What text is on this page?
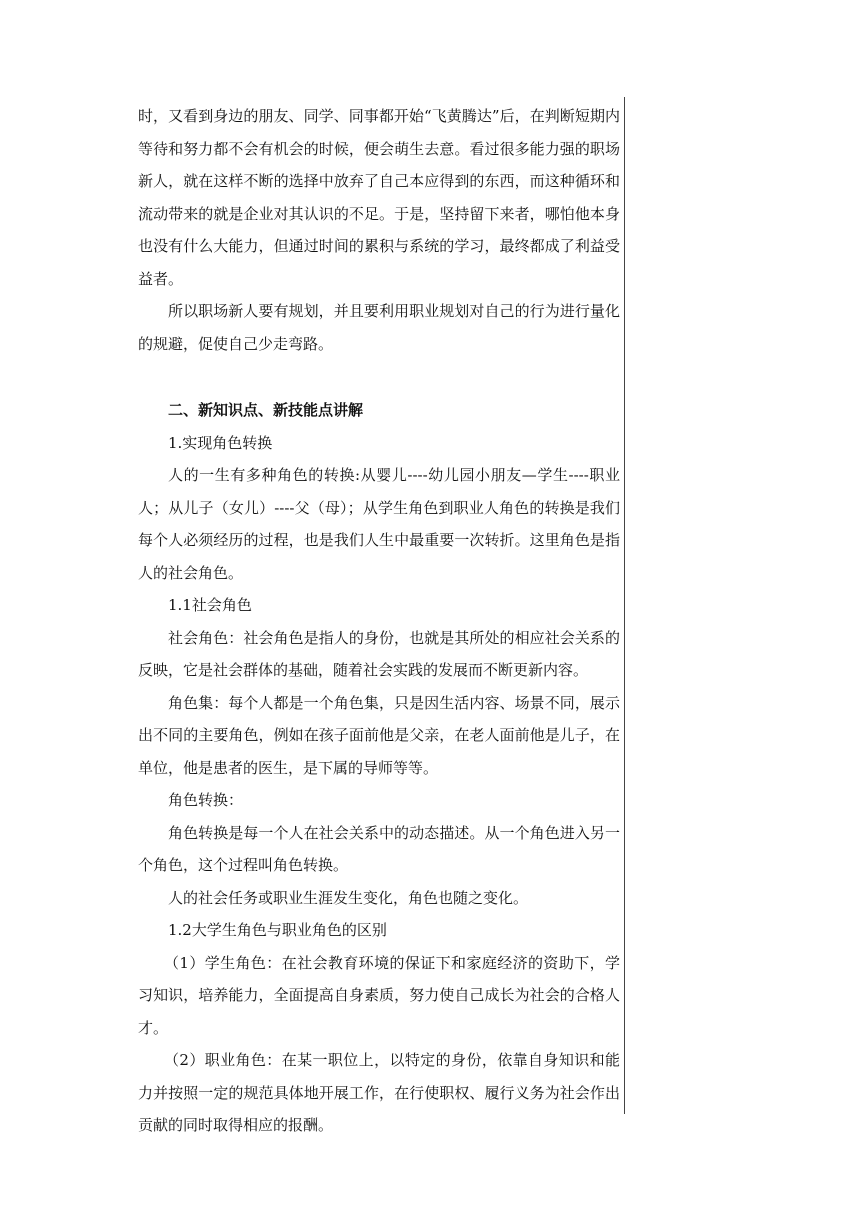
时，又看到身边的朋友、同学、同事都开始“飞黄腾达”后，在判断短期内等待和努力都不会有机会的时候，便会萌生去意。看过很多能力强的职场新人，就在这样不断的选择中放弃了自己本应得到的东西，而这种循环和流动带来的就是企业对其认识的不足。于是，坚持留下来者，哪怕他本身也没有什么大能力，但通过时间的累积与系统的学习，最终都成了利益受益者。

所以职场新人要有规划，并且要利用职业规划对自己的行为进行量化的规避，促使自己少走弯路。

二、新知识点、新技能点讲解

1.实现角色转换

人的一生有多种角色的转换:从婴儿----幼儿园小朋友—学生----职业人；从儿子（女儿）----父（母）；从学生角色到职业人角色的转换是我们每个人必须经历的过程，也是我们人生中最重要一次转折。这里角色是指人的社会角色。

1.1社会角色

社会角色：社会角色是指人的身份，也就是其所处的相应社会关系的反映，它是社会群体的基础，随着社会实践的发展而不断更新内容。

角色集：每个人都是一个角色集，只是因生活内容、场景不同，展示出不同的主要角色，例如在孩子面前他是父亲，在老人面前他是儿子，在单位，他是患者的医生，是下属的导师等等。

角色转换：

角色转换是每一个人在社会关系中的动态描述。从一个角色进入另一个角色，这个过程叫角色转换。

人的社会任务或职业生涯发生变化，角色也随之变化。

1.2大学生角色与职业角色的区别

（1）学生角色：在社会教育环境的保证下和家庭经济的资助下，学习知识，培养能力，全面提高自身素质，努力使自己成长为社会的合格人才。

（2）职业角色：在某一职位上，以特定的身份，依靠自身知识和能力并按照一定的规范具体地开展工作，在行使职权、履行义务为社会作出贡献的同时取得相应的报酬。
